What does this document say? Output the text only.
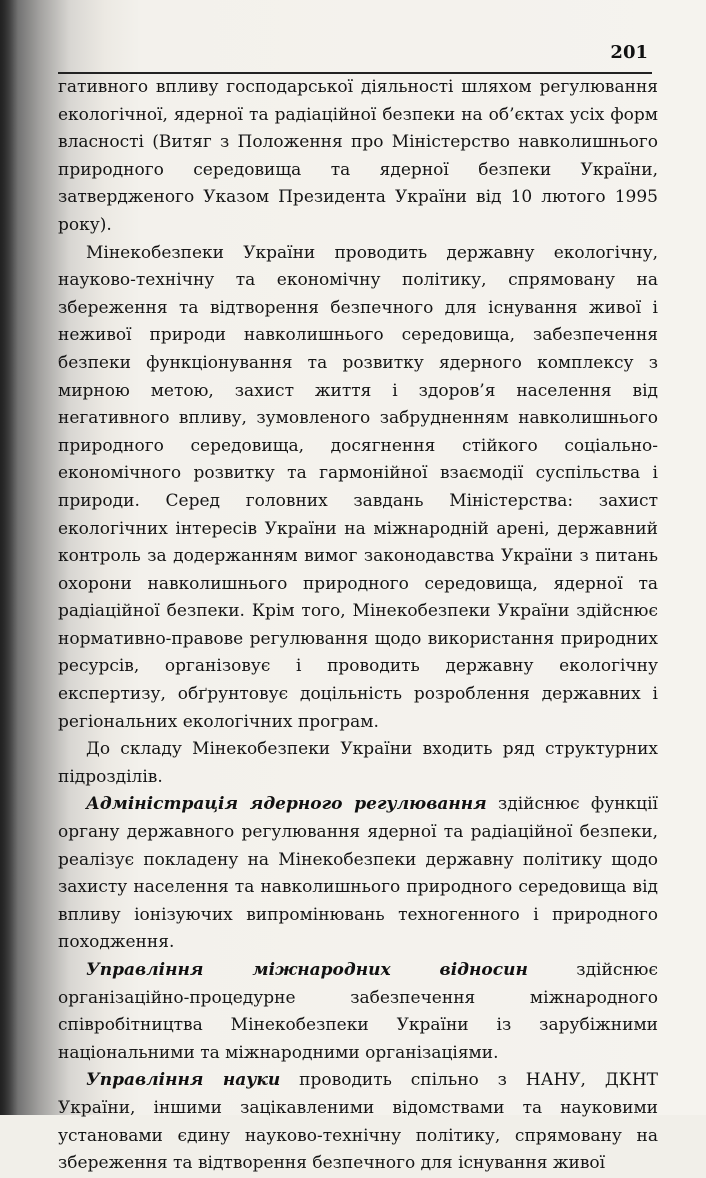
201

гативного впливу господарської діяльності шляхом регулювання екологічної, ядерної та радіаційної безпеки на об’єктах усіх форм власності (Витяг з Положення про Міністерство навколишнього природного середовища та ядерної безпеки України, затвердженого Указом Президента України від 10 лютого 1995 року).

Мінекобезпеки України проводить державну екологічну, науково-технічну та економічну політику, спрямовану на збереження та відтворення безпечного для існування живої і неживої природи навколишнього середовища, забезпечення безпеки функціонування та розвитку ядерного комплексу з мирною метою, захист життя і здоров’я населення від негативного впливу, зумовленого забрудненням навколишнього природного середовища, досягнення стійкого соціально-економічного розвитку та гармонійної взаємодії суспільства і природи. Серед головних завдань Міністерства: захист екологічних інтересів України на міжнародній арені, державний контроль за додержанням вимог законодавства України з питань охорони навколишнього природного середовища, ядерної та радіаційної безпеки. Крім того, Мінекобезпеки України здійснює нормативно-правове регулювання щодо використання природних ресурсів, організовує і проводить державну екологічну експертизу, обґрунтовує доцільність розроблення державних і регіональних екологічних програм.

До складу Мінекобезпеки України входить ряд структурних підрозділів.

Адміністрація ядерного регулювання здійснює функції органу державного регулювання ядерної та радіаційної безпеки, реалізує покладену на Мінекобезпеки державну політику щодо захисту населення та навколишнього природного середовища від впливу іонізуючих випромінювань техногенного і природного походження.

Управління міжнародних відносин здійснює організаційно-процедурне забезпечення міжнародного співробітництва Мінекобезпеки України із зарубіжними національними та міжнародними організаціями.

Управління науки проводить спільно з НАНУ, ДКНТ України, іншими зацікавленими відомствами та науковими установами єдину науково-технічну політику, спрямовану на збереження та відтворення безпечного для існування живої
